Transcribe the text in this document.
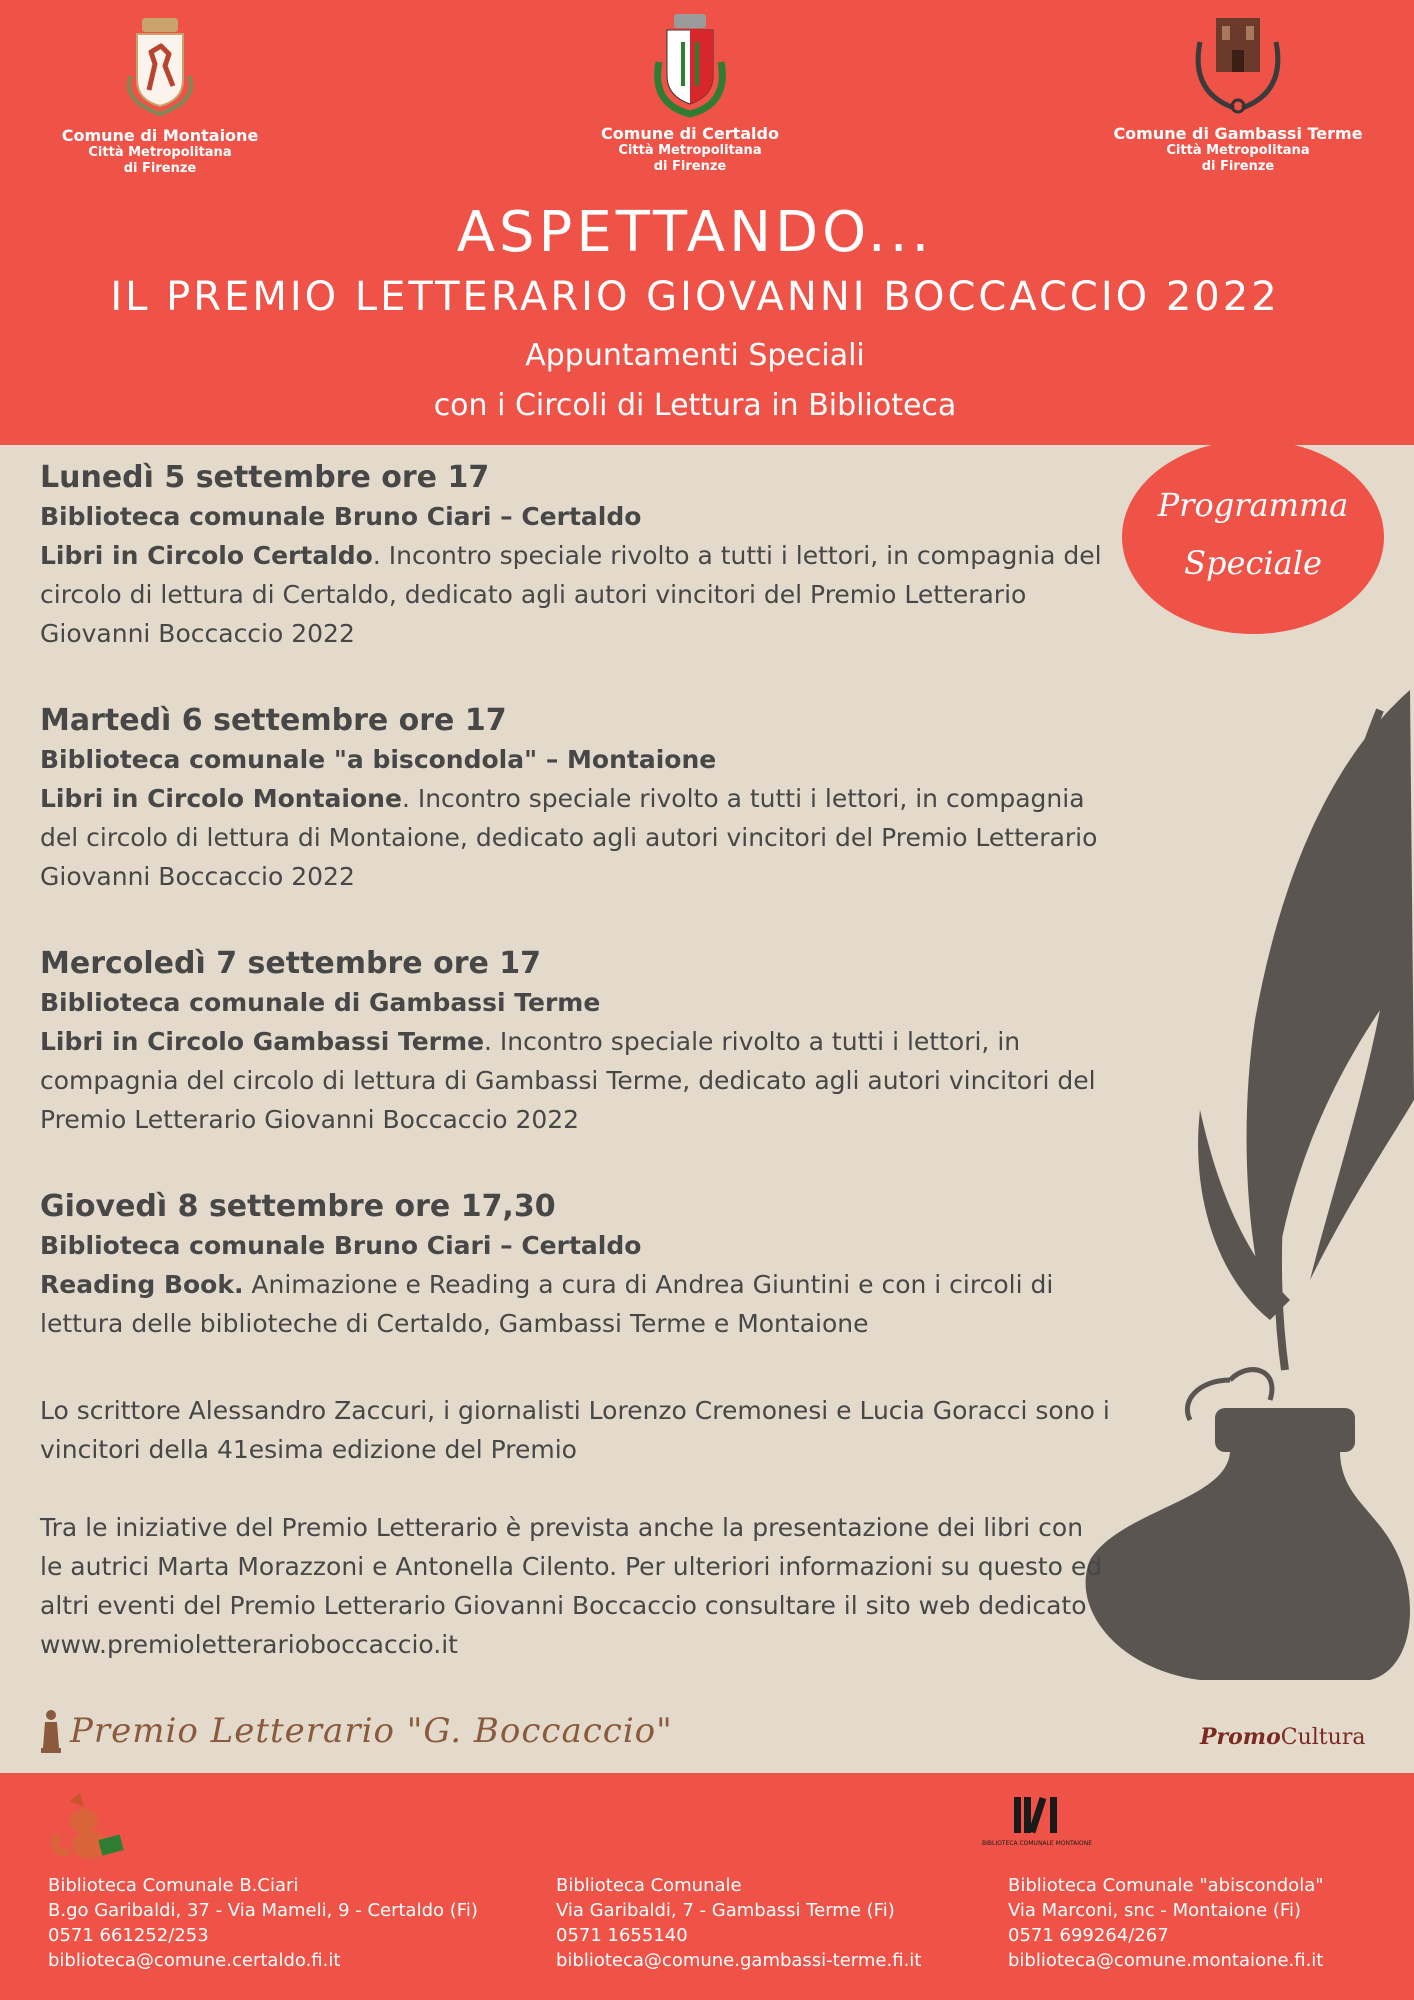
Comune di Montaione
Città Metropolitana
di Firenze
Comune di Certaldo
Città Metropolitana
di Firenze
Comune di Gambassi Terme
Città Metropolitana
di Firenze
ASPETTANDO...
IL PREMIO LETTERARIO GIOVANNI BOCCACCIO 2022
Appuntamenti Speciali
con i Circoli di Lettura in Biblioteca
Programma
Speciale
Lunedì 5 settembre ore 17
Biblioteca comunale Bruno Ciari – Certaldo

Libri in Circolo Certaldo. Incontro speciale rivolto a tutti i lettori, in compagnia del circolo di lettura di Certaldo, dedicato agli autori vincitori del Premio Letterario Giovanni Boccaccio 2022

Martedì 6 settembre ore 17
Biblioteca comunale "a biscondola" – Montaione

Libri in Circolo Montaione. Incontro speciale rivolto a tutti i lettori, in compagnia del circolo di lettura di Montaione, dedicato agli autori vincitori del Premio Letterario Giovanni Boccaccio 2022

Mercoledì 7 settembre ore 17
Biblioteca comunale di Gambassi Terme

Libri in Circolo Gambassi Terme. Incontro speciale rivolto a tutti i lettori, in compagnia del circolo di lettura di Gambassi Terme, dedicato agli autori vincitori del Premio Letterario Giovanni Boccaccio 2022

Giovedì 8 settembre ore 17,30
Biblioteca comunale Bruno Ciari – Certaldo

Reading Book. Animazione e Reading a cura di Andrea Giuntini e con i circoli di lettura delle biblioteche di Certaldo, Gambassi Terme e Montaione

Lo scrittore Alessandro Zaccuri, i giornalisti Lorenzo Cremonesi e Lucia Goracci sono i vincitori della 41esima edizione del Premio

Tra le iniziative del Premio Letterario è prevista anche la presentazione dei libri con le autrici Marta Morazzoni e Antonella Cilento. Per ulteriori informazioni su questo ed altri eventi del Premio Letterario Giovanni Boccaccio consultare il sito web dedicato www.premioletterarioboccaccio.it

Premio Letterario "G. Boccaccio"	PromoCultura
BIBLIOTECA COMUNALE MONTAIONE
Biblioteca Comunale B.Ciari
B.go Garibaldi, 37 - Via Mameli, 9 - Certaldo (Fi)
0571 661252/253
biblioteca@comune.certaldo.fi.it
Biblioteca Comunale
Via Garibaldi, 7 - Gambassi Terme (Fi)
0571 1655140
biblioteca@comune.gambassi-terme.fi.it
Biblioteca Comunale "abiscondola"
Via Marconi, snc - Montaione (Fi)
0571 699264/267
biblioteca@comune.montaione.fi.it
